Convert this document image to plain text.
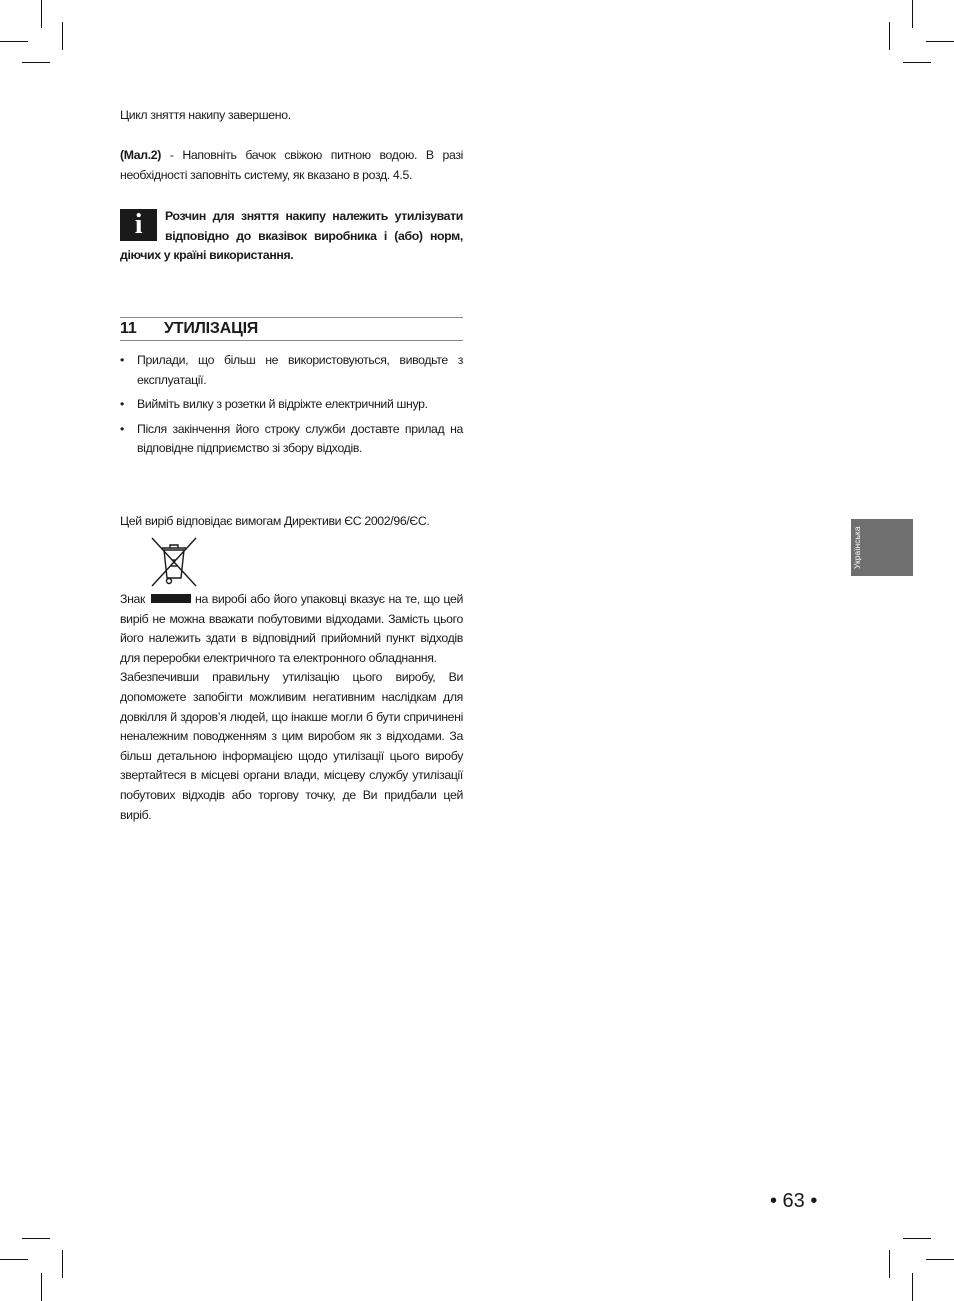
Цикл зняття накипу завершено.

(Мал.2) - Наповніть бачок свіжою питною водою. В разі необхідності заповніть систему, як вказано в розд. 4.5.

i	Розчин для зняття накипу належить утилізувати відповідно до вказівок виробника і (або) норм, діючих у країні використання.

11 УТИЛІЗАЦІЯ
• Прилади, що більш не використовуються, виводьте з експлуатації.
• Вийміть вилку з розетки й відріжте електричний шнур.
• Після закінчення його строку служби доставте прилад на відповідне підприємство зі збору відходів.

Цей виріб відповідає вимогам Директиви ЄС 2002/96/ЄС.

Знак	на виробі або його упаковці вказує на те, що цей виріб не можна вважати побутовими відходами. Замість цього його належить здати в відповідний прийомний пункт відходів для переробки електричного та електронного обладнання.

Забезпечивши правильну утилізацію цього виробу, Ви допоможете запобігти можливим негативним наслідкам для довкілля й здоров’я людей, що інакше могли б бути спричинені неналежним поводженням з цим виробом як з відходами. За більш детальною інформацією щодо утилізації цього виробу звертайтеся в місцеві органи влади, місцеву службу утилізації побутових відходів або торгову точку, де Ви придбали цей виріб.

Українська
• 63 •
